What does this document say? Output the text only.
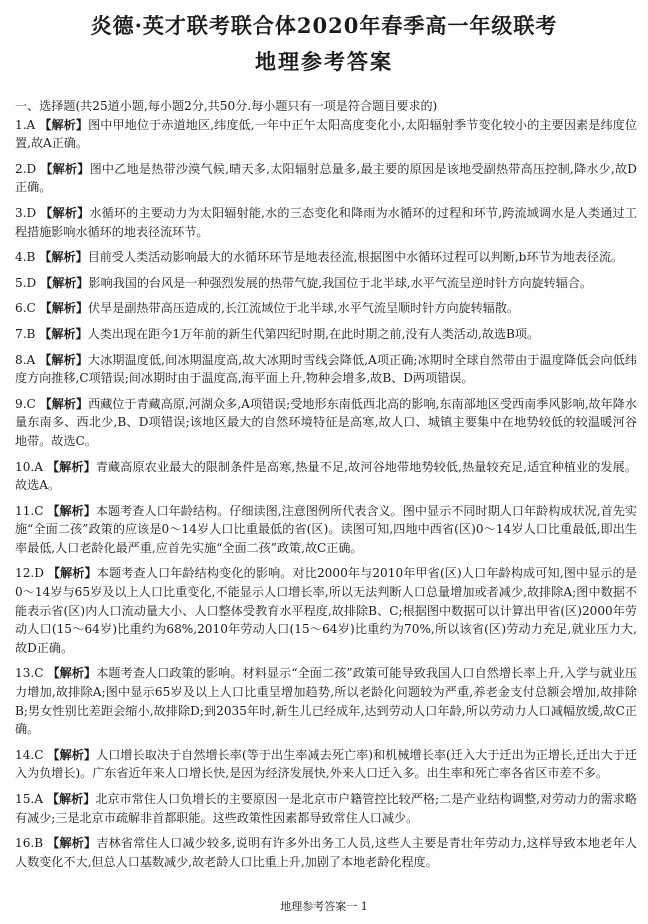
炎德·英才联考联合体2020年春季高一年级联考
地理参考答案
一、选择题(共25道小题,每小题2分,共50分.每小题只有一项是符合题目要求的)
1.A 【解析】图中甲地位于赤道地区,纬度低,一年中正午太阳高度变化小,太阳辐射季节变化较小的主要因素是纬度位置,故A正确。
2.D 【解析】图中乙地是热带沙漠气候,晴天多,太阳辐射总量多,最主要的原因是该地受副热带高压控制,降水少,故D正确。
3.D 【解析】水循环的主要动力为太阳辐射能,水的三态变化和降雨为水循环的过程和环节,跨流域调水是人类通过工程措施影响水循环的地表径流环节。
4.B 【解析】目前受人类活动影响最大的水循环环节是地表径流,根据图中水循环过程可以判断,b环节为地表径流。
5.D 【解析】影响我国的台风是一种强烈发展的热带气旋,我国位于北半球,水平气流呈逆时针方向旋转辐合。
6.C 【解析】伏旱是副热带高压造成的,长江流域位于北半球,水平气流呈顺时针方向旋转辐散。
7.B 【解析】人类出现在距今1万年前的新生代第四纪时期,在此时期之前,没有人类活动,故选B项。
8.A 【解析】大冰期温度低,间冰期温度高,故大冰期时雪线会降低,A项正确;冰期时全球自然带由于温度降低会向低纬度方向推移,C项错误;间冰期时由于温度高,海平面上升,物种会增多,故B、D两项错误。
9.C 【解析】西藏位于青藏高原,河湖众多,A项错误;受地形东南低西北高的影响,东南部地区受西南季风影响,故年降水量东南多、西北少,B、D项错误;该地区最大的自然环境特征是高寒,故人口、城镇主要集中在地势较低的较温暖河谷地带。故选C。
10.A 【解析】青藏高原农业最大的限制条件是高寒,热量不足,故河谷地带地势较低,热量较充足,适宜种植业的发展。故选A。
11.C 【解析】本题考查人口年龄结构。仔细读图,注意图例所代表含义。图中显示不同时期人口年龄构成状况,首先实施“全面二孩”政策的应该是0～14岁人口比重最低的省(区)。读图可知,四地中西省(区)0～14岁人口比重最低,即出生率最低,人口老龄化最严重,应首先实施“全面二孩”政策,故C正确。
12.D 【解析】本题考查人口年龄结构变化的影响。对比2000年与2010年甲省(区)人口年龄构成可知,图中显示的是0～14岁与65岁及以上人口比重变化,不能显示人口增长率,所以无法判断人口总量增加或者减少,故排除A;图中数据不能表示省(区)内人口流动量大小、人口整体受教育水平程度,故排除B、C;根据图中数据可以计算出甲省(区)2000年劳动人口(15～64岁)比重约为68%,2010年劳动人口(15～64岁)比重约为70%,所以该省(区)劳动力充足,就业压力大,故D正确。
13.C 【解析】本题考查人口政策的影响。材料显示“全面二孩”政策可能导致我国人口自然增长率上升,入学与就业压力增加,故排除A;图中显示65岁及以上人口比重呈增加趋势,所以老龄化问题较为严重,养老金支付总额会增加,故排除B;男女性别比差距会缩小,故排除D;到2035年时,新生儿已经成年,达到劳动人口年龄,所以劳动力人口减幅放缓,故C正确。
14.C 【解析】人口增长取决于自然增长率(等于出生率减去死亡率)和机械增长率(迁入大于迁出为正增长,迁出大于迁入为负增长)。广东省近年来人口增长快,是因为经济发展快,外来人口迁入多。出生率和死亡率各省区市差不多。
15.A 【解析】北京市常住人口负增长的主要原因一是北京市户籍管控比较严格;二是产业结构调整,对劳动力的需求略有减少;三是北京市疏解非首都职能。这些政策性因素都导致常住人口减少。
16.B 【解析】吉林省常住人口减少较多,说明有许多外出务工人员,这些人主要是青壮年劳动力,这样导致本地老年人人数变化不大,但总人口基数减少,故老龄人口比重上升,加剧了本地老龄化程度。
地理参考答案一 1
